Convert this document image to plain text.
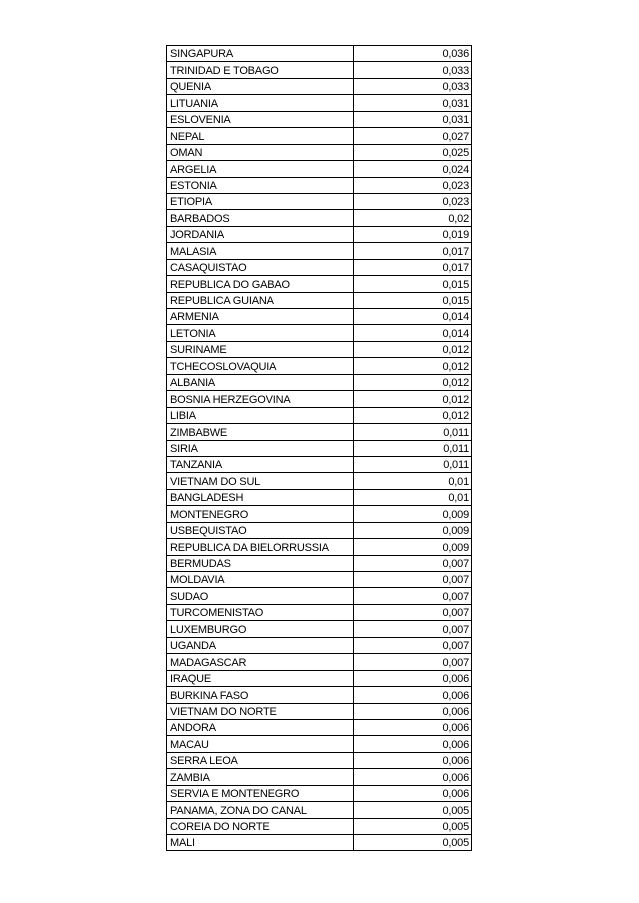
SINGAPURA	0,036
TRINIDAD E TOBAGO	0,033
QUENIA	0,033
LITUANIA	0,031
ESLOVENIA	0,031
NEPAL	0,027
OMAN	0,025
ARGELIA	0,024
ESTONIA	0,023
ETIOPIA	0,023
BARBADOS	0,02
JORDANIA	0,019
MALASIA	0,017
CASAQUISTAO	0,017
REPUBLICA DO GABAO	0,015
REPUBLICA GUIANA	0,015
ARMENIA	0,014
LETONIA	0,014
SURINAME	0,012
TCHECOSLOVAQUIA	0,012
ALBANIA	0,012
BOSNIA HERZEGOVINA	0,012
LIBIA	0,012
ZIMBABWE	0,011
SIRIA	0,011
TANZANIA	0,011
VIETNAM DO SUL	0,01
BANGLADESH	0,01
MONTENEGRO	0,009
USBEQUISTAO	0,009
REPUBLICA DA BIELORRUSSIA	0,009
BERMUDAS	0,007
MOLDAVIA	0,007
SUDAO	0,007
TURCOMENISTAO	0,007
LUXEMBURGO	0,007
UGANDA	0,007
MADAGASCAR	0,007
IRAQUE	0,006
BURKINA FASO	0,006
VIETNAM DO NORTE	0,006
ANDORA	0,006
MACAU	0,006
SERRA LEOA	0,006
ZAMBIA	0,006
SERVIA E MONTENEGRO	0,006
PANAMA, ZONA DO CANAL	0,005
COREIA DO NORTE	0,005
MALI	0,005
